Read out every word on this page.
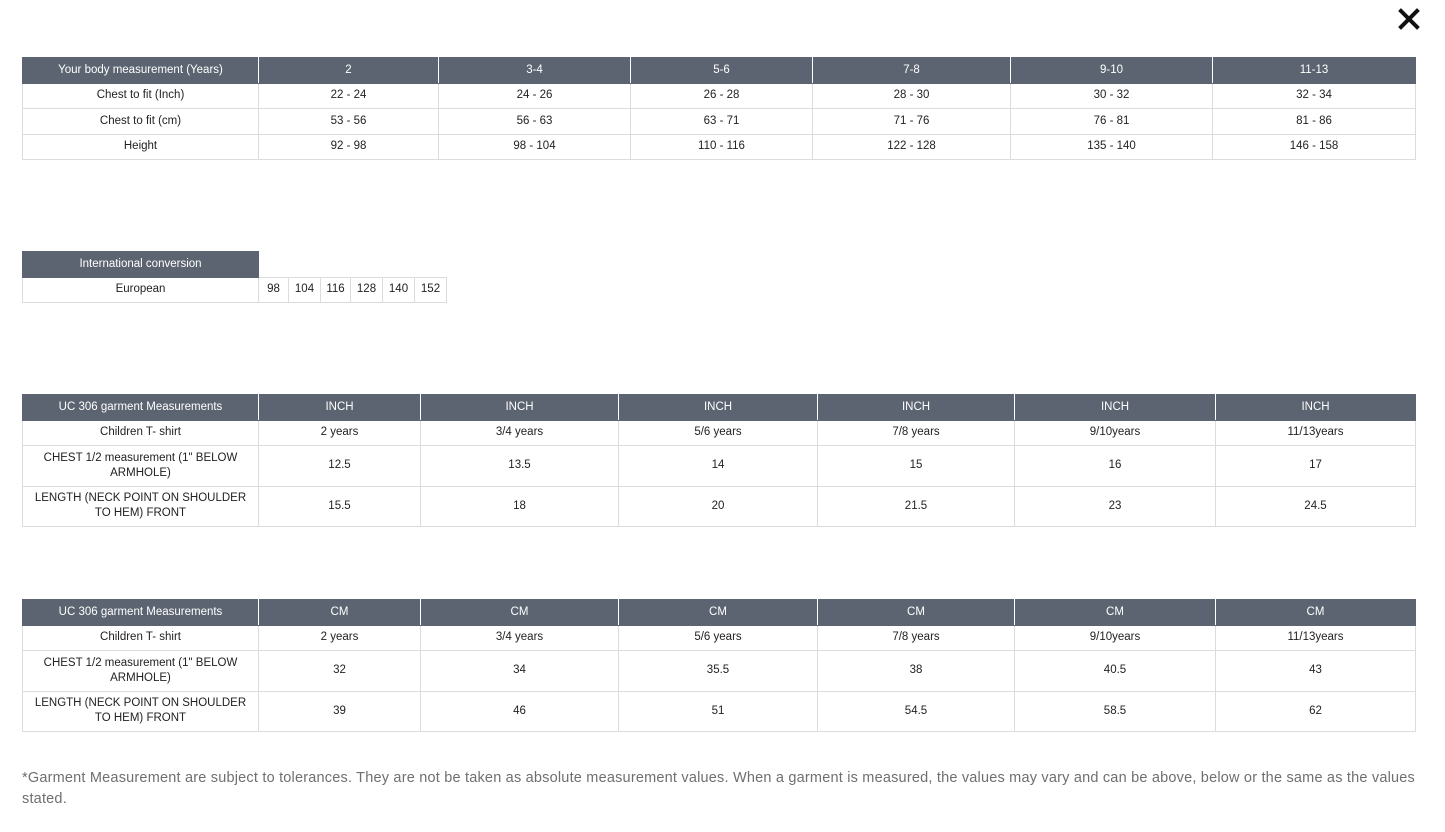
Your body measurement (Years)	2	3-4	5-6	7-8	9-10	11-13
Chest to fit (Inch)	22 - 24	24 - 26	26 - 28	28 - 30	30 - 32	32 - 34
Chest to fit (cm)	53 - 56	56 - 63	63 - 71	71 - 76	76 - 81	81 - 86
Height	92 - 98	98 - 104	110 - 116	122 - 128	135 - 140	146 - 158
International conversion						
European	98	104	116	128	140	152
UC 306 garment Measurements	INCH	INCH	INCH	INCH	INCH	INCH
Children T- shirt	2 years	3/4 years	5/6 years	7/8 years	9/10years	11/13years
CHEST 1/2 measurement (1" BELOW ARMHOLE)	12.5	13.5	14	15	16	17
LENGTH (NECK POINT ON SHOULDER TO HEM) FRONT	15.5	18	20	21.5	23	24.5
UC 306 garment Measurements	CM	CM	CM	CM	CM	CM
Children T- shirt	2 years	3/4 years	5/6 years	7/8 years	9/10years	11/13years
CHEST 1/2 measurement (1" BELOW ARMHOLE)	32	34	35.5	38	40.5	43
LENGTH (NECK POINT ON SHOULDER TO HEM) FRONT	39	46	51	54.5	58.5	62
*Garment Measurement are subject to tolerances. They are not be taken as absolute measurement values. When a garment is measured, the values may vary and can be above, below or the same as the values stated.
